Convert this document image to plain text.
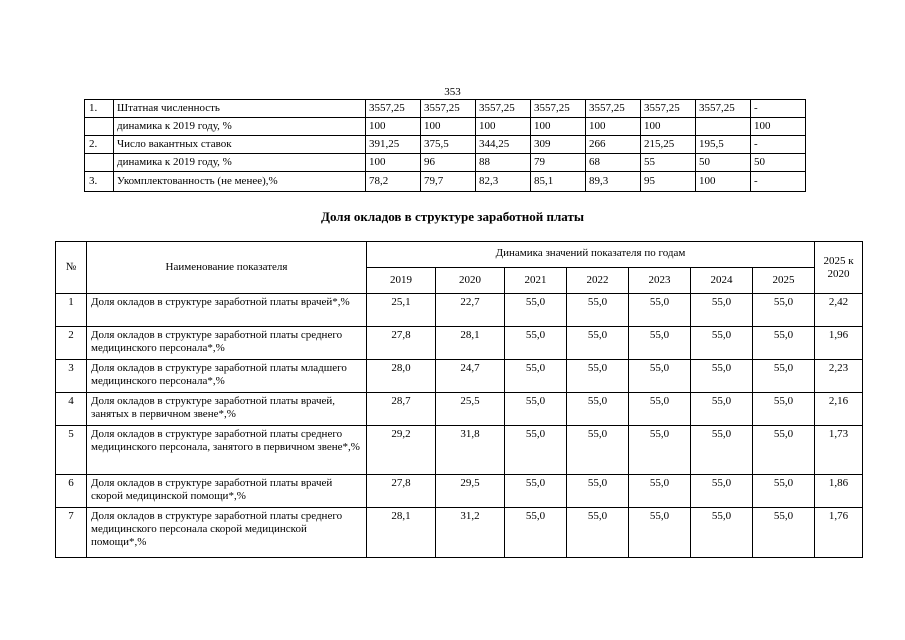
353
1.	Штатная численность	3557,25	3557,25	3557,25	3557,25	3557,25	3557,25	3557,25	-
	динамика к 2019 году, %	100	100	100	100	100	100		100
2.	Число вакантных ставок	391,25	375,5	344,25	309	266	215,25	195,5	-
	динамика к 2019 году, %	100	96	88	79	68	55	50	50
3.	Укомплектованность (не менее),%	78,2	79,7	82,3	85,1	89,3	95	100	-
Доля окладов в структуре заработной платы
№	Наименование показателя	Динамика значений показателя по годам							2025 к 2020
		2019	2020	2021	2022	2023	2024	2025	
1	Доля окладов в структуре заработной платы врачей*,%	25,1	22,7	55,0	55,0	55,0	55,0	55,0	2,42
2	Доля окладов в структуре заработной платы среднего медицинского персонала*,%	27,8	28,1	55,0	55,0	55,0	55,0	55,0	1,96
3	Доля окладов в структуре заработной платы младшего медицинского персонала*,%	28,0	24,7	55,0	55,0	55,0	55,0	55,0	2,23
4	Доля окладов в структуре заработной платы врачей, занятых в первичном звене*,%	28,7	25,5	55,0	55,0	55,0	55,0	55,0	2,16
5	Доля окладов в структуре заработной платы среднего медицинского персонала, занятого в первичном звене*,%	29,2	31,8	55,0	55,0	55,0	55,0	55,0	1,73
6	Доля окладов в структуре заработной платы врачей скорой медицинской помощи*,%	27,8	29,5	55,0	55,0	55,0	55,0	55,0	1,86
7	Доля окладов в структуре заработной платы среднего медицинского персонала скорой медицинской помощи*,%	28,1	31,2	55,0	55,0	55,0	55,0	55,0	1,76
